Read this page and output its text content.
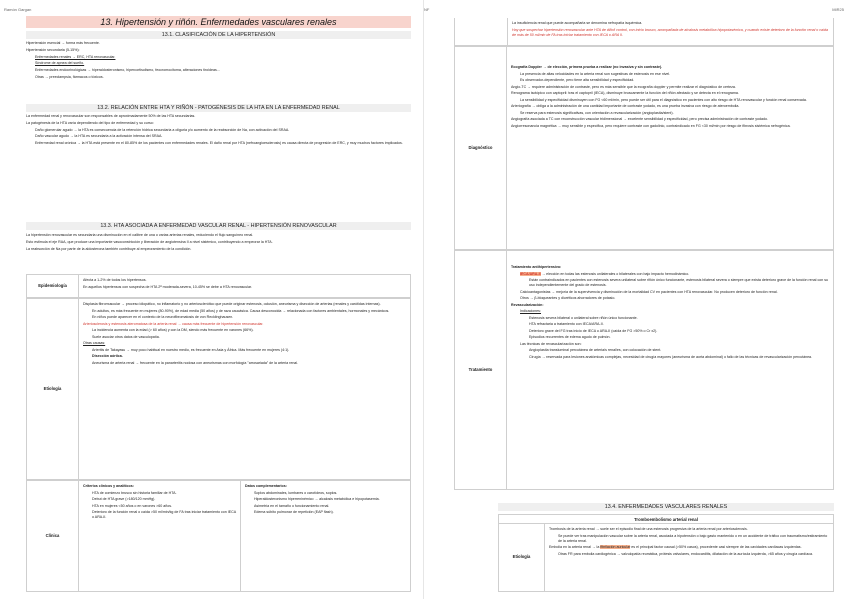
Ramón Gargan
13. Hipertensión y riñón. Enfermedades vasculares renales
13.1. CLASIFICACIÓN DE LA HIPERTENSIÓN

Hipertensión esencial → forma más frecuente.

Hipertensión secundaria (5-15%):

Enfermedades renales → ERC, HTA renovascular.

Síndrome de apnea del sueño.

Enfermedades endocrinológicas → hiperaldosteronismo, hipercortisolismo, feocromocitoma, alteraciones tiroideas...

Otras → preeclampsia, fármacos o tóxicos.

13.2. RELACIÓN ENTRE HTA Y RIÑÓN - PATOGÉNESIS DE LA HTA EN LA ENFERMEDAD RENAL

La enfermedad renal y renovascular son responsables de aproximadamente 50% de las HTA secundarias.

La patogénesis de la HTA varía dependiendo del tipo de enfermedad y su curso:

Daño glomerular agudo → la HTA es consecuencia de la retención hídrica secundaria a oliguria y/o aumento de la reabsorción de Na, con activación del SRAA.

Daño vascular agudo → la HTA es secundaria a la activación intensa del SRAA.

Enfermedad renal crónica → la HTA está presente en el 80-85% de los pacientes con enfermedades renales. El daño renal por HTA (nefroangioesclerosis) es causa directa de progresión de ERC, y muy muchos factores implicados.

13.3. HTA ASOCIADA A ENFERMEDAD VASCULAR RENAL - HIPERTENSIÓN RENOVASCULAR

La hipertensión renovascular es secundaria una disminución en el calibre de una o varias arterias renales, reduciendo el flujo sanguíneo renal.

Esto estimula el eje RAA, que produce una importante vasoconstricción y liberación de angiotensina II a nivel sistémico, contribuyendo a empeorar la HTA.

La reabsorción de Na por parte de la aldosterona también contribuye al empeoramiento de la condición.

Epidemiología

Afecta a 1-2% de todos los hipertensos.

En aquellos hipertensos con sospecha de HTA 2ª moderada-severa, 10-45% se debe a HTA renovascular.

Etiología

Displasia fibromuscular → proceso idiopático, no inflamatorio y no arteriosclerótico que puede originar estenosis, oclusión, aneurisma y disección de arterias (renales y carótidas internas).

En adultos, es más frecuente en mujeres (80-90%), de edad media (50 años) y de raza caucásica. Causa desconocida → relacionada con factores ambientales, hormonales y mecánicos.

En niños puede aparecer en el contexto de la neurofibromatosis de von Recklinghausen.

Arteriosclerosis y estenosis ateromatosa de la arteria renal → causa más frecuente de hipertensión renovascular.

La incidencia aumenta con la edad (> 60 años) y con la DM, siendo más frecuente en varones (66%).

Suele asociar otros datos de vasculopatía.

Otras causas:

Arteritis de Takayasu → muy poco habitual en nuestro medio, es frecuente en Asia y África. Más frecuente en mujeres (4:1).

Disección aórtica.

Aneurisma de arteria renal → frecuente en la panarteritis nodosa con aneurismas con morfología "arrosariada" de la arteria renal.

Clínica

Criterios clínicos y analíticos:

HTA de comienzo brusco sin historia familiar de HTA.

Debut de HTA grave (>180/120 mmHg).

HTA en mujeres <50 años o en varones >60 años.

Deterioro de la función renal o caída >50 ml/min/kg de FA tras iniciar tratamiento con IECA o ARA-II.

Datos complementarios:

Soplos abdominales, lumbares o carotídeos, soplos.

Hiperaldosteronismo hiperreninémico → alcalosis metabólica e hipopotasemia.

Asimetría en el tamaño o funcionamiento renal.

Edema súbito pulmonar de repetición (EAP flash).

NF	MIR25

La insuficiencia renal que puede acompañarla se denomina nefropatía isquémica.

Hay que sospechar hipertensión renovascular ante HTA de difícil control, con inicio brusco, acompañada de alcalosis metabólica hipopotasémica, y cuando existe deterioro de la función renal o caída de más de 50 ml/min de FA tras iniciar tratamiento con IECA o ARA II.

Diagnóstico

Ecografía Doppler → de elección, primera prueba a realizar (no invasiva y sin contraste).

La presencia de altas velocidades en la arteria renal son sugestivas de estenosis en ese nivel.

Es observador-dependiente, pero tiene alta sensibilidad y especificidad.

Angio-TC → requiere administración de contraste, pero es más sensible que la ecografía doppler y permite realizar el diagnóstico de certeza.

Renograma isotópico con captopril: tras el captopril (IECA), disminuye bruscamente la función del riñón afectado y se detecta en el renograma.

La sensibilidad y especificidad disminuyen con FG <60 ml/min, pero puede ser útil para el diagnóstico en pacientes con alto riesgo de HTA renovascular y función renal conservada.

Arteriografía → obliga a la administración de una cantidad importante de contraste yodado, es una prueba invasiva con riesgo de ateroembolia.

Se reserva para estenosis significativas, con orientación a revascularización (angioplastia/stent).

Angiografía asociada a TC con reconstrucción vascular tridimensional → excelente sensibilidad y especificidad, pero precisa administración de contraste yodado.

Angiorresonancia magnética → muy sensible y específica, pero requiere contraste con gadolinio, contraindicado en FG <30 ml/min por riesgo de fibrosis sistémica nefrogénica.

Tratamiento

Tratamiento antihipertensivo:

IECA/ARA-II → elección en todas las estenosis unilaterales o bilaterales con bajo impacto hemodinámico.

Están contraindicados en pacientes con estenosis severa unilateral sobre riñón único funcionante, estenosis bilateral severa o siempre que exista deterioro grave de la función renal con su uso independientemente del grado de estenosis.

Calcioantagonistas → mejoría de la supervivencia y disminución de la mortalidad CV en pacientes con HTA renovascular. No producen deterioro de función renal.

Otros → β-bloqueantes y diuréticos ahorradores de potasio.

Revascularización:

Indicaciones:

Estenosis severa bilateral o unilateral sobre riñón único funcionante.

HTA refractaria a tratamiento con IECA/ARA-II.

Deterioro grave del FG tras inicio de IECA o ARA-II (caída de FG >50% o Cr x2).

Episodios recurrentes de edema agudo de pulmón.

Las técnicas de revascularización son:

Angioplastia transluminal percutánea de arteria/s renal/es, con colocación de stent.

Cirugía → reservada para lesiones anatómicas complejas, necesidad de cirugía mayores (aneurisma de aorta abdominal) o fallo de las técnicas de revascularización percutánea.

13.4. ENFERMEDADES VASCULARES RENALES
Tromboembolismo arterial renal
Etiología

Trombosis de la arteria renal → suele ser el episodio final de una estenosis progresiva de la arteria renal por arteriosclerosis.

Se puede ver tras manipulación vascular sobre la arteria renal, asociada a hipotensión o bajo gasto mantenido o en un accidente de tráfico con traumatismo/estiramiento de la arteria renal.

Embolia en la arteria renal → la fibrilación auricular es el principal factor causal (>50% casos), procedente casi siempre de las cavidades cardíacas izquierdas.

Otras FR para embolia cardiogénica → valvulopatía reumática, prótesis valvulares, endocarditis, dilatación de la aurícula izquierda, >65 años y cirugía cardíaca.
